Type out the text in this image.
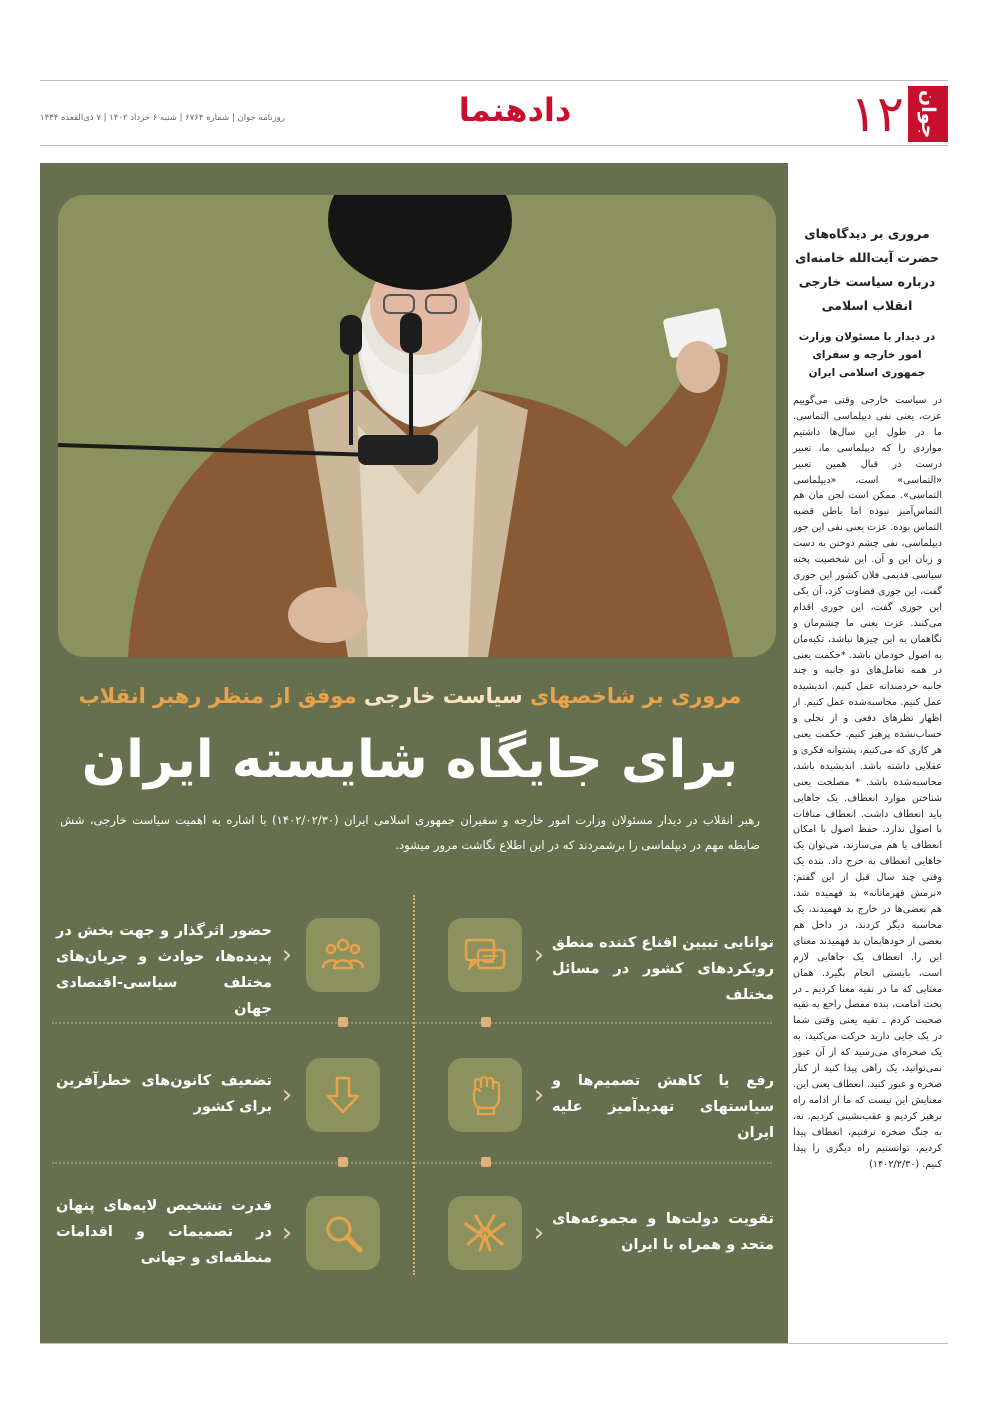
جوان
۱۲
دادهنما
روزنامه جوان | شماره ۶۷۶۴ | شنبه ۶ خرداد ۱۴۰۲ | ۷ ذی‌القعده ۱۴۴۴
مروری بر دیدگاه‌های حضرت آیت‌الله خامنه‌ای درباره سیاست خارجی انقلاب اسلامی
در دیدار با مسئولان وزارت امور خارجه و سفرای جمهوری اسلامی ایران
در سیاست خارجی وقتی می‌گوییم عزت، یعنی نفی دیپلماسی التماسی. ما در طول این سال‌ها داشتیم مواردی را که دیپلماسی ما، تعبیر درست در قبال همین تعبیر «التماسی» است، «دیپلماسی التماسی». ممکن است لحن مان هم التماس‌آمیز نبوده اما باطن قضیه التماس بوده. عزت یعنی نفی این جور دیپلماسی، نفی چشم دوختن به دست و زبان این و آن. این شخصیت پخته سیاسی قدیمی فلان کشور این جوری گفت، این جوری قضاوت کرد، آن یکی این جوری گفت، این جوری اقدام می‌کنند. عزت یعنی ما چشم‌مان و نگاهمان به این چیزها نباشد، تکیه‌مان به اصول خودمان باشد. *حکمت یعنی در همه تعامل‌های دو جانبه و چند جانبه خردمندانه عمل کنیم. اندیشیده عمل کنیم. محاسبه‌شده عمل کنیم. از اظهار نظرهای دفعی و از تجلی و حساب‌نشده پرهیز کنیم. حکمت یعنی هر کاری که می‌کنیم، پشتوانه فکری و عقلایی داشته باشد. اندیشیده باشد، محاسبه‌شده باشد. * مصلحت یعنی شناختن موارد انعطاف. یک جاهایی باید انعطاف داشت. انعطاف منافات با اصول ندارد. حفظ اصول با امکان انعطاف یا هم می‌سازند، می‌توان یک جاهایی انعطاف به خرج داد. بنده یک وقتی چند سال قبل از این گفتم: «نرمش قهرمانانه» بد فهمیده شد، هم بعضی‌ها در خارج بد فهمیدند، یک محاسبه دیگر کردند، در داخل هم بعضی از خودهایمان بد فهمیدند معنای این را. انعطاف یک جاهایی لازم است، بایستی انجام بگیرد. همان معنایی که ما در تقیه معنا کردیم ـ در بحث امامت، بنده مفصل راجع به تقیه صحبت کردم ـ تقیه یعنی وقتی شما در یک جایی دارید حرکت می‌کنید، به یک صخره‌ای می‌رسید که از آن عبور نمی‌توانید، یک راهی پیدا کنید از کنار صخره و عبور کنید. انعطاف یعنی این. معنایش این نیست که ما از ادامه راه برهیز کردیم و عقب‌نشینی کردیم. نه، به جنگ صخره نرفتیم، انعطاف پیدا کردیم، توانستیم راه دیگری را پیدا کنیم. (۱۴۰۲/۲/۳۰)
مروری بر شاخصهای سیاست خارجی موفق از منظر رهبر انقلاب
برای جایگاه شایسته ایران
رهبر انقلاب در دیدار مسئولان وزارت امور خارجه و سفیران جمهوری اسلامی ایران (۱۴۰۲/۰۲/۳۰) با اشاره به اهمیت سیاست خارجی، شش ضابطه مهم در دیپلماسی را برشمردند که در این اطلاع نگاشت مرور میشود.
‹ توانایی تبیین اقناع کننده منطق رویکردهای کشور در مسائل مختلف
‹
حضور اثرگذار و جهت بخش در پدیده‌ها، حوادث و جریان‌های مختلف سیاسی-اقتصادی جهان
‹ رفع یا کاهش تصمیم‌ها و سیاستهای تهدیدآمیز علیه ایران
‹
تضعیف کانون‌های خطرآفرین برای کشور
‹ تقویت دولت‌ها و مجموعه‌های متحد و همراه با ایران
‹
قدرت تشخیص لایه‌های پنهان در تصمیمات و اقدامات منطقه‌ای و جهانی
